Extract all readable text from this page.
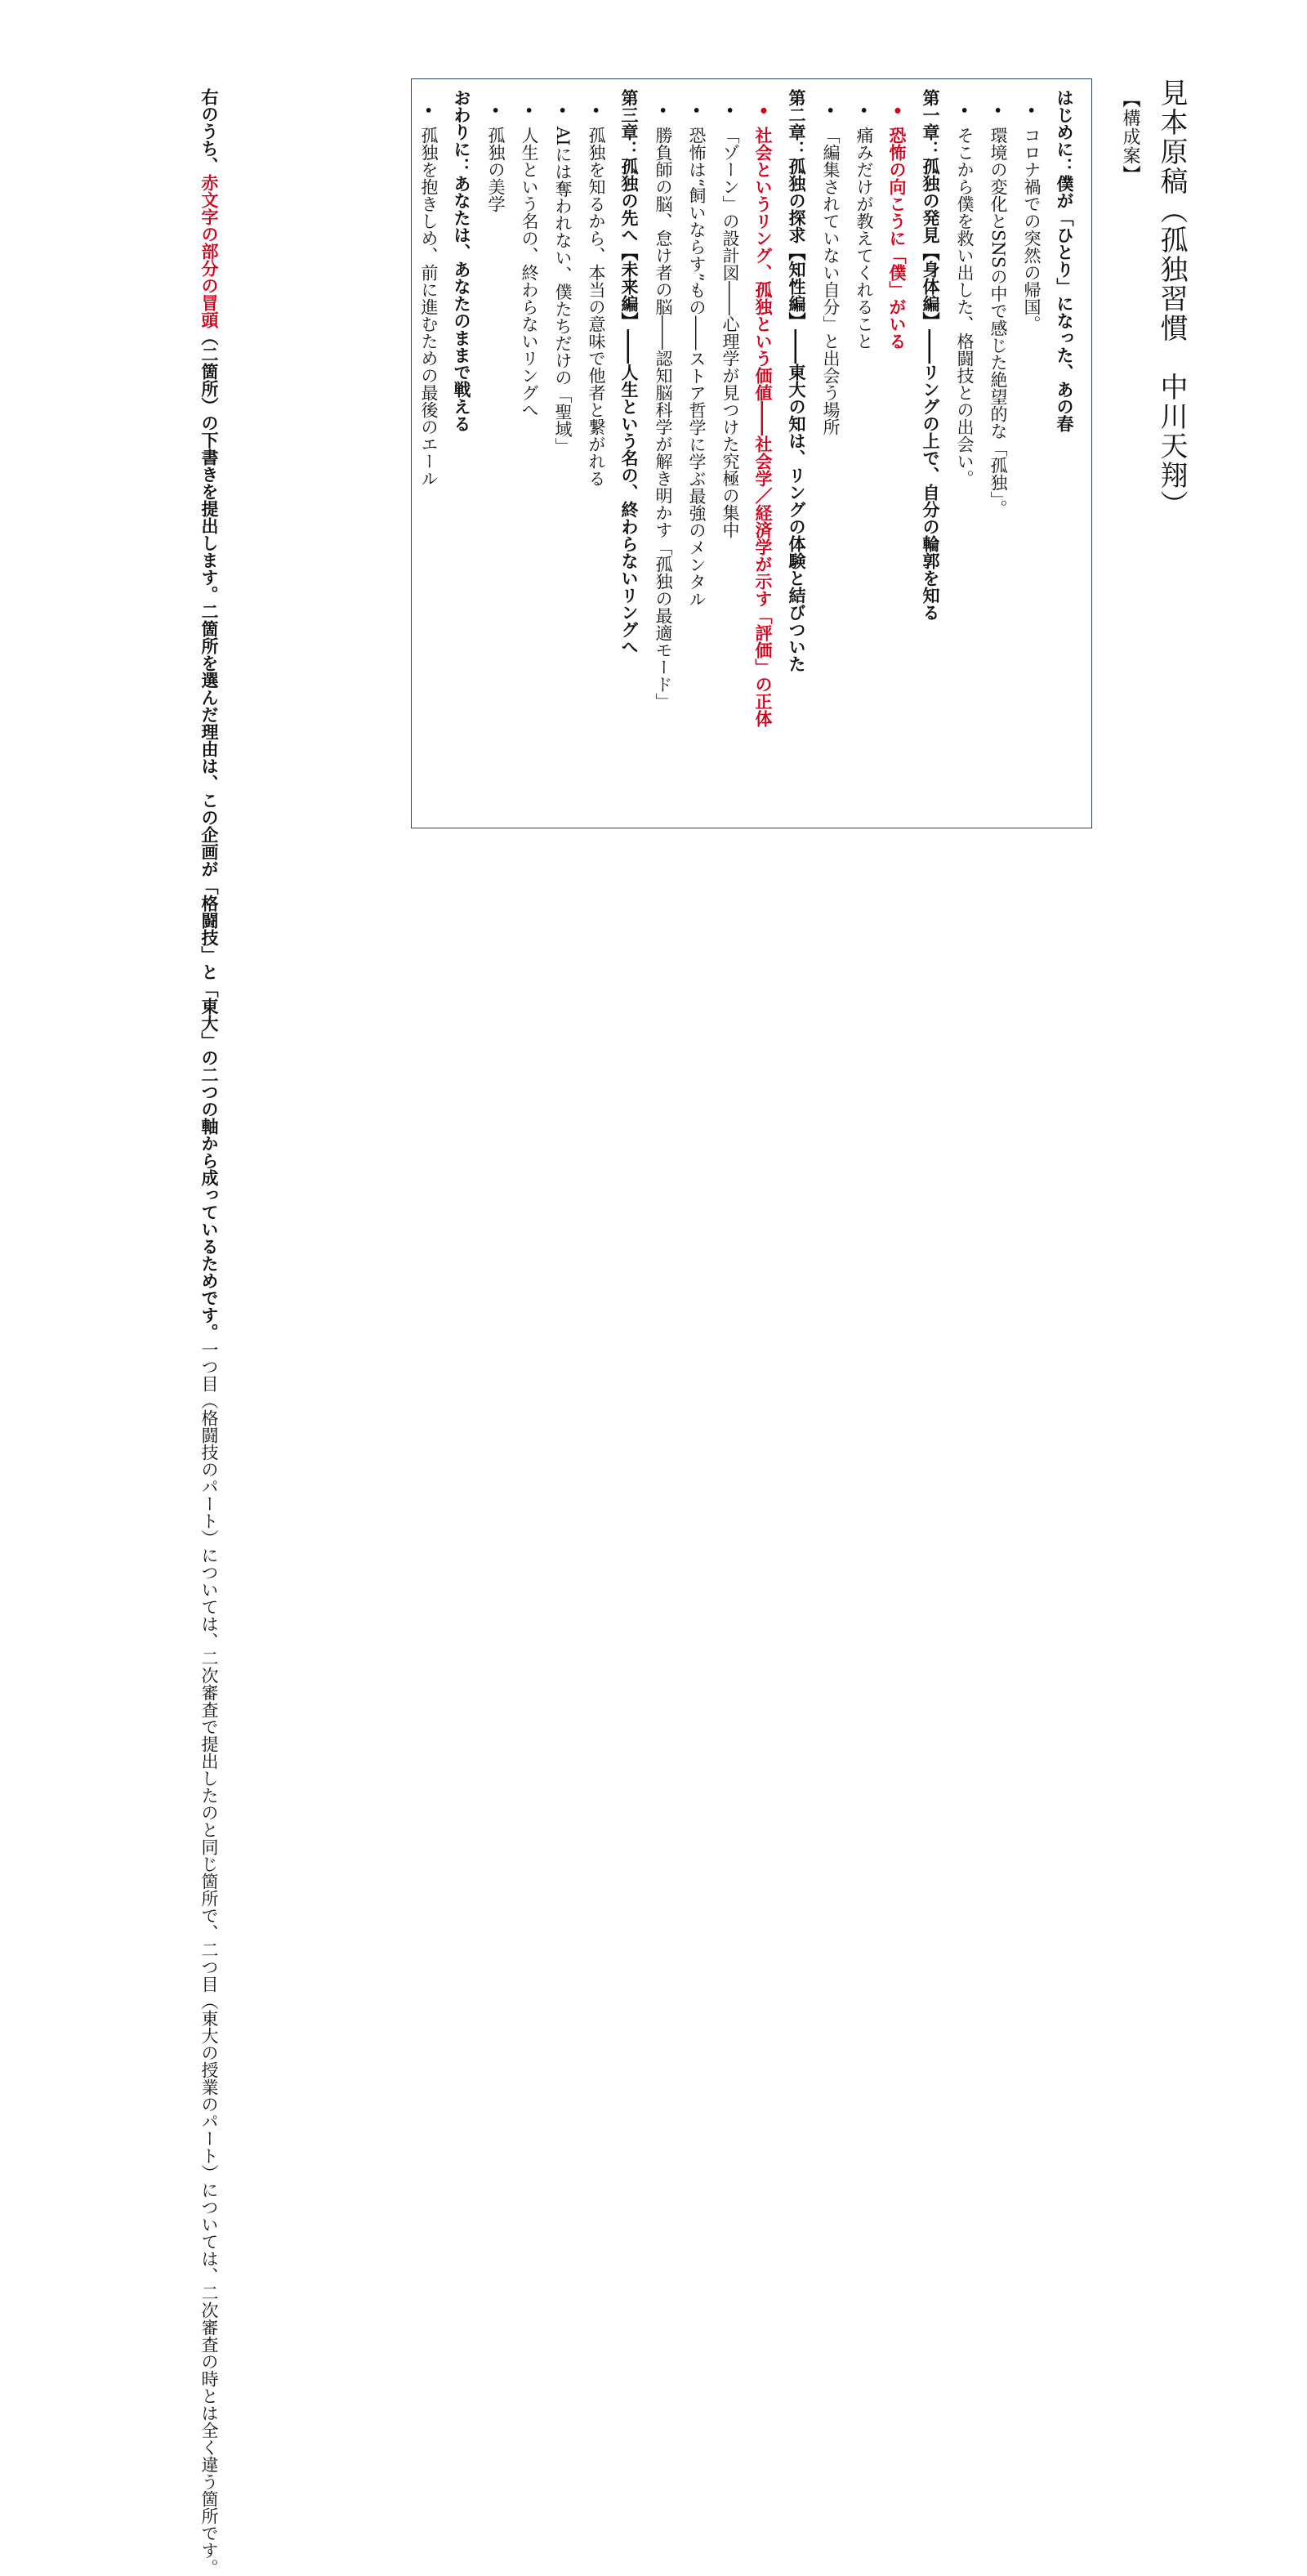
見本原稿（孤独習慣　中川天翔）
【構成案】
はじめに：僕が「ひとり」になった、あの春
• コロナ禍での突然の帰国。
• 環境の変化とSNSの中で感じた絶望的な「孤独」。
• そこから僕を救い出した、格闘技との出会い。
第一章：孤独の発見【身体編】――リングの上で、自分の輪郭を知る
• 恐怖の向こうに「僕」がいる
• 痛みだけが教えてくれること
• 「編集されていない自分」と出会う場所
第二章：孤独の探求【知性編】――東大の知は、リングの体験と結びついた
• 社会というリング、孤独という価値――社会学／経済学が示す「評価」の正体
• 「ゾーン」の設計図――心理学が見つけた究極の集中
• 恐怖は“飼いならす”もの――ストア哲学に学ぶ最強のメンタル
• 勝負師の脳、怠け者の脳――認知脳科学が解き明かす「孤独の最適モード」
第三章：孤独の先へ【未来編】――人生という名の、終わらないリングへ
• 孤独を知るから、本当の意味で他者と繋がれる
• AIには奪われない、僕たちだけの「聖域」
• 人生という名の、終わらないリングへ
• 孤独の美学
おわりに：あなたは、あなたのままで戦える
• 孤独を抱きしめ、前に進むための最後のエール
右のうち、赤文字の部分の冒頭（二箇所）の下書きを提出します。
二箇所を選んだ理由は、この企画が「格闘技」と「東大」の二つの軸から成っているためです。
一つ目（格闘技のパート）については、二次審査で提出したのと同じ箇所で、
二つ目（東大の授業のパート）については、二次審査の時とは全く違う箇所です。
